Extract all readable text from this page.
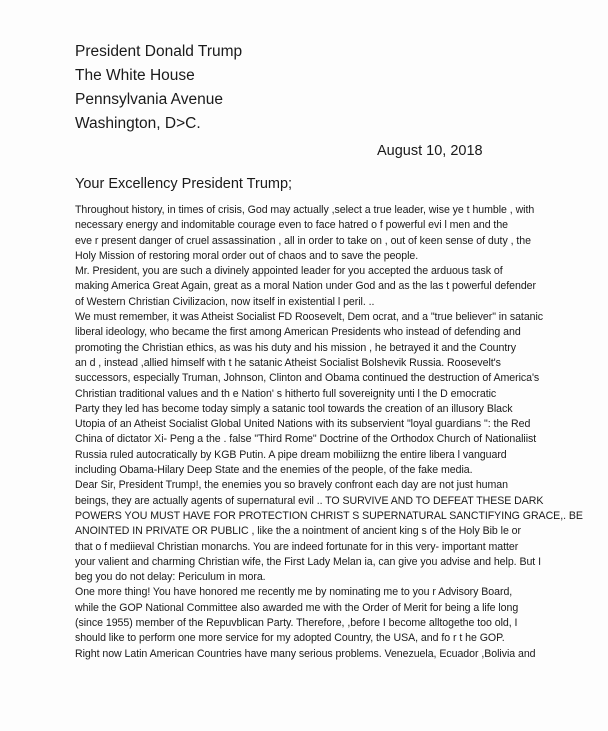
President Donald Trump
The White House
Pennsylvania Avenue
Washington, D>C.
August 10, 2018
Your Excellency President Trump;
Throughout history, in times of crisis, God may actually ,select a true leader, wise ye t humble , with
necessary energy and indomitable courage even to face hatred o f powerful evi l men and the
eve r present danger of cruel assassination , all in order to take on , out of keen sense of duty , the
Holy Mission of restoring moral order out of chaos and to save the people.
Mr. President, you are such a divinely appointed leader for you accepted the arduous task of
making America Great Again, great as a moral Nation under God and as the las t powerful defender
of Western Christian Civilizacion, now itself in existential l peril. ..
We must remember, it was Atheist Socialist FD Roosevelt, Dem ocrat, and a "true believer" in satanic
liberal ideology, who became the first among American Presidents who instead of defending and
promoting the Christian ethics, as was his duty and his mission , he betrayed it and the Country
an d , instead ,allied himself with t he satanic Atheist Socialist Bolshevik Russia. Roosevelt's
successors, especially Truman, Johnson, Clinton and Obama continued the destruction of America's
Christian traditional values and th e Nation' s hitherto full sovereignity unti l the D emocratic
Party they led has become today simply a satanic tool towards the creation of an illusory Black
Utopia of an Atheist Socialist Global United Nations with its subservient "loyal guardians ": the Red
China of dictator Xi- Peng a the . false "Third Rome" Doctrine of the Orthodox Church of Nationaliist
Russia ruled autocratically by KGB Putin. A pipe dream mobiliizng the entire libera l vanguard
including Obama-Hilary Deep State and the enemies of the people, of the fake media.
Dear Sir, President Trump!, the enemies you so bravely confront each day are not just human
beings, they are actually agents of supernatural evil .. TO SURVIVE AND TO DEFEAT THESE DARK
POWERS YOU MUST HAVE FOR PROTECTION CHRIST S SUPERNATURAL SANCTIFYING GRACE,. BE
ANOINTED IN PRIVATE OR PUBLIC , like the a nointment of ancient king s of the Holy Bib le or
that o f mediieval Christian monarchs. You are indeed fortunate for in this very- important matter
your valient and charming Christian wife, the First Lady Melan ia, can give you advise and help. But I
beg you do not delay: Periculum in mora.
One more thing! You have honored me recently me by nominating me to you r Advisory Board,
while the GOP National Committee also awarded me with the Order of Merit for being a life long
(since 1955) member of the Repuvblican Party. Therefore, ,before I become alltogethe too old, I
should like to perform one more service for my adopted Country, the USA, and fo r t he GOP.
Right now Latin American Countries have many serious problems. Venezuela, Ecuador ,Bolivia and
